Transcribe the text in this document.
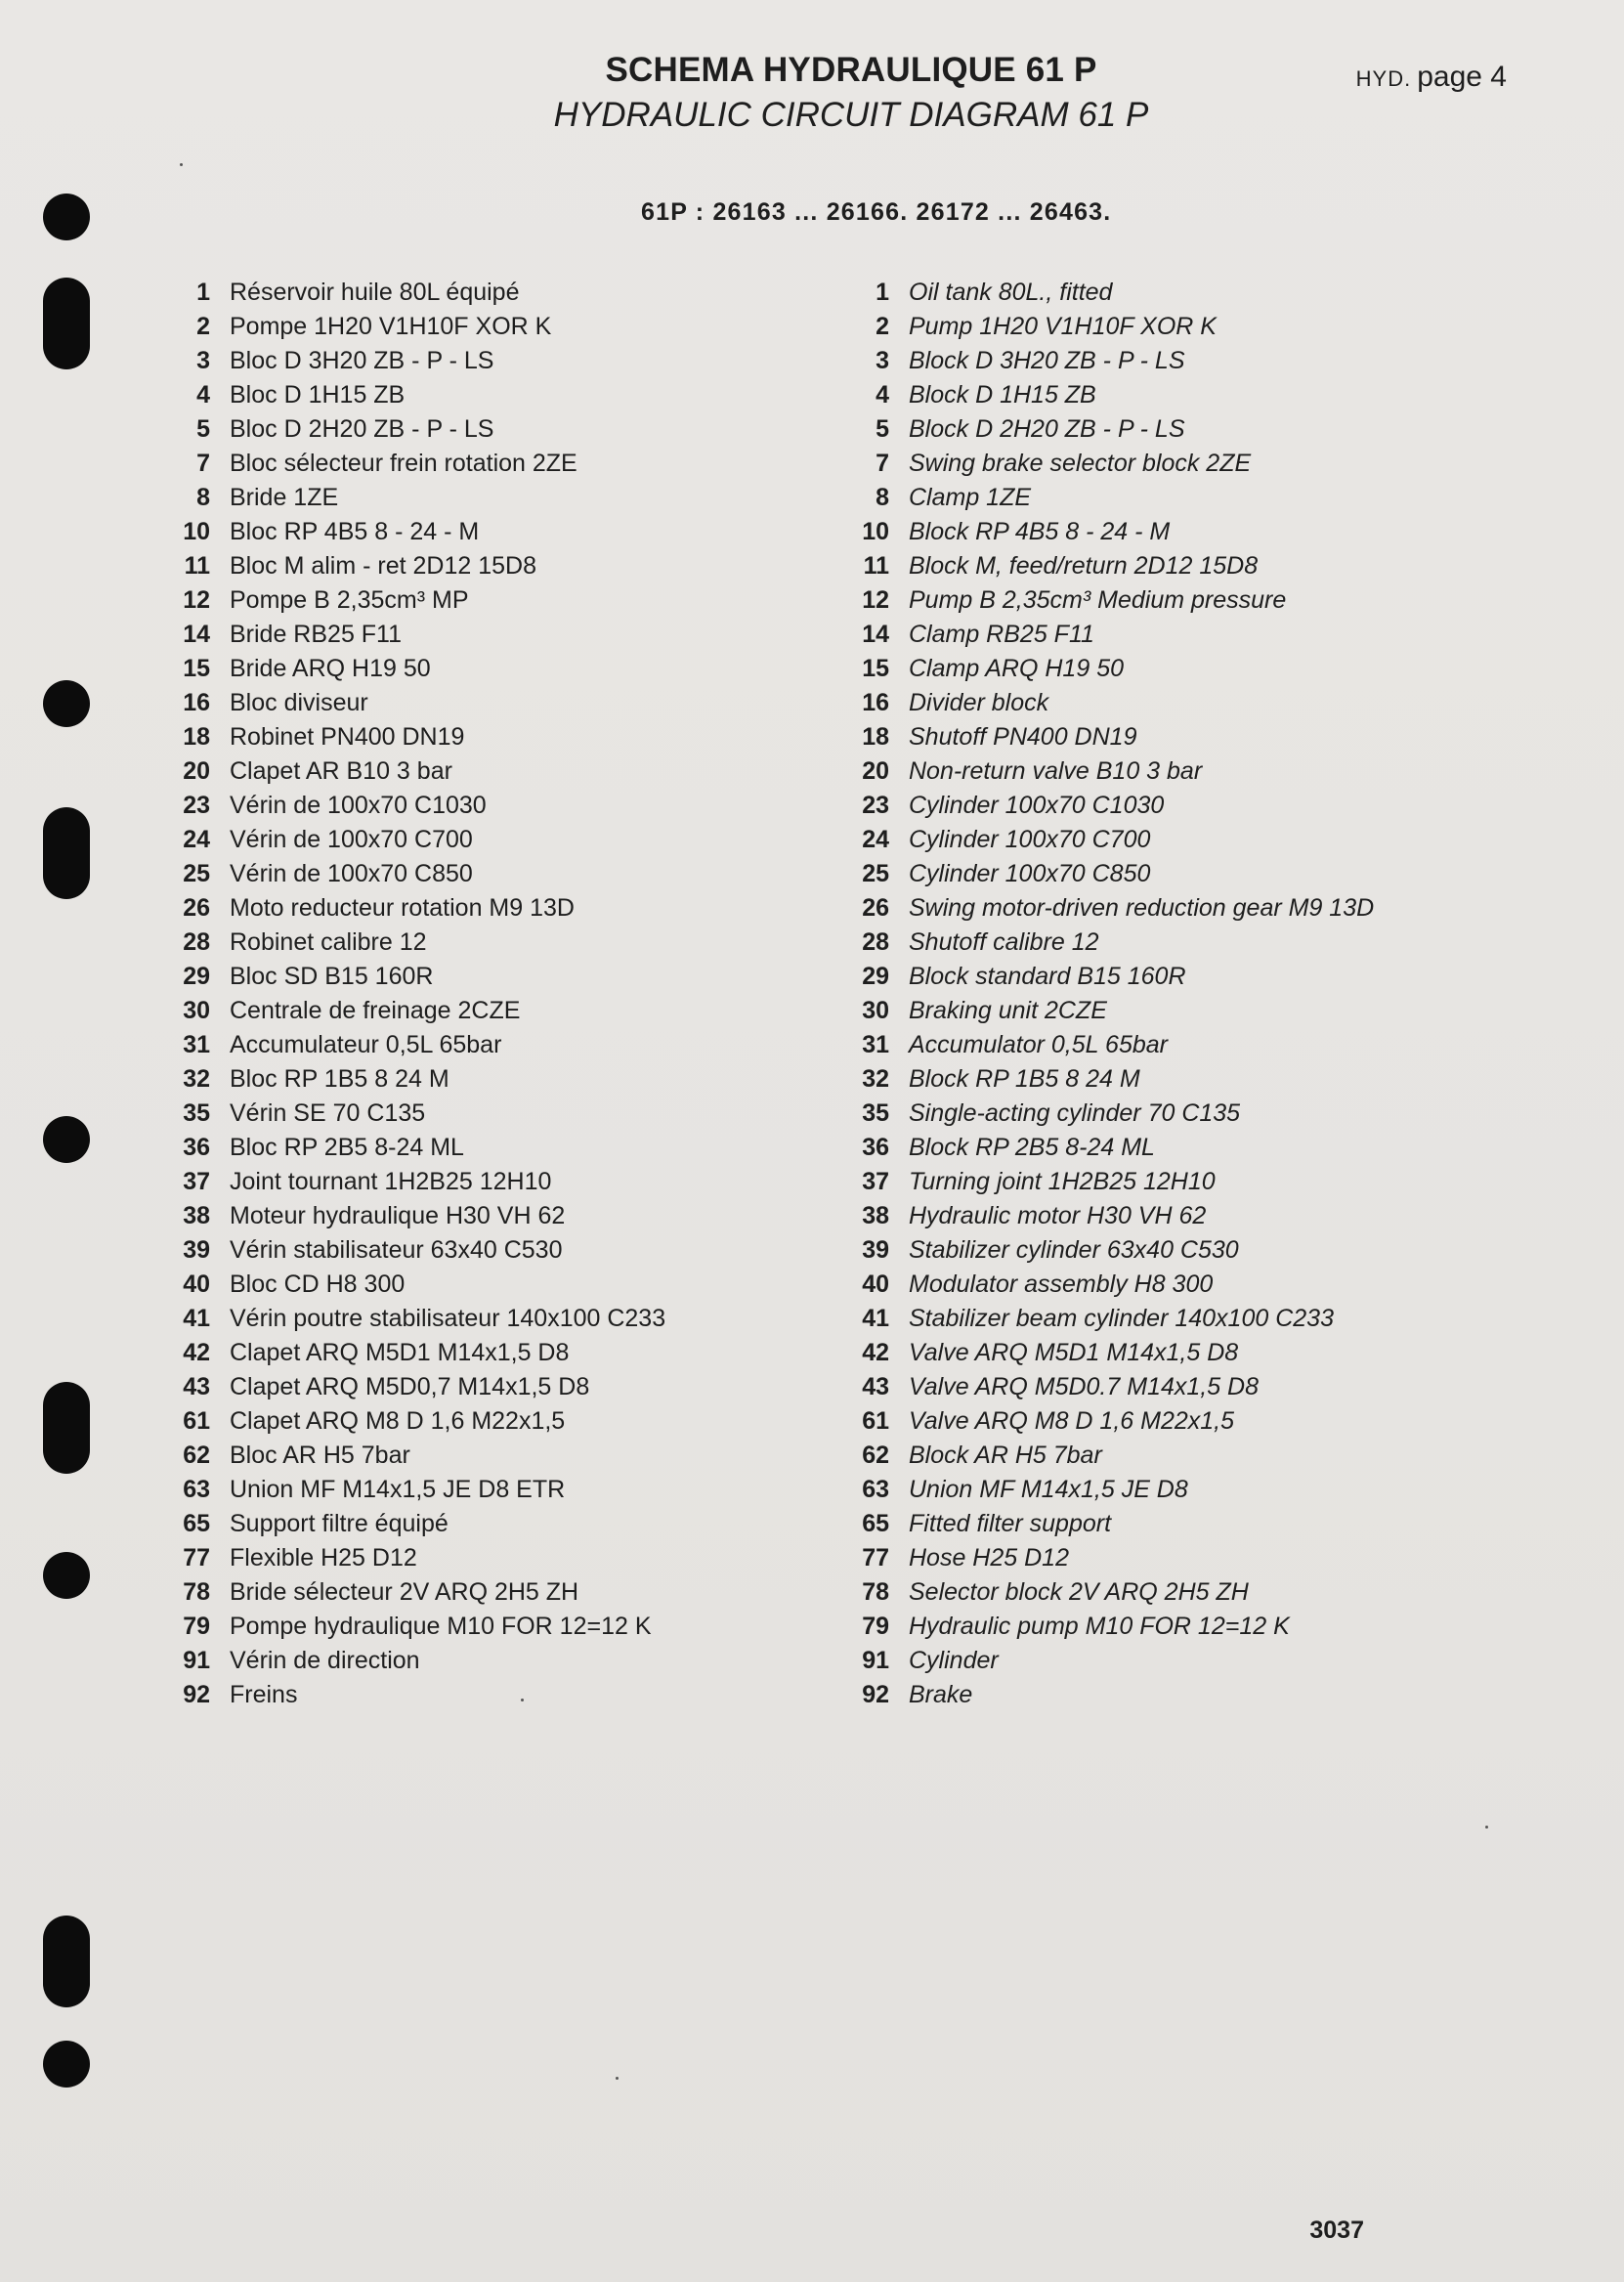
SCHEMA HYDRAULIQUE 61 P
HYDRAULIC CIRCUIT DIAGRAM 61 P
HYD. page 4
61P : 26163 ... 26166. 26172 ... 26463.
1 Réservoir huile 80L équipé
2 Pompe 1H20 V1H10F XOR K
3 Bloc D 3H20 ZB - P - LS
4 Bloc D 1H15 ZB
5 Bloc D 2H20 ZB - P - LS
7 Bloc sélecteur frein rotation 2ZE
8 Bride 1ZE
10 Bloc RP 4B5 8 - 24 - M
11 Bloc M alim - ret 2D12 15D8
12 Pompe B 2,35cm³ MP
14 Bride RB25 F11
15 Bride ARQ H19 50
16 Bloc diviseur
18 Robinet PN400 DN19
20 Clapet AR B10 3 bar
23 Vérin de 100x70 C1030
24 Vérin de 100x70 C700
25 Vérin de 100x70 C850
26 Moto reducteur rotation M9 13D
28 Robinet calibre 12
29 Bloc SD B15 160R
30 Centrale de freinage 2CZE
31 Accumulateur 0,5L 65bar
32 Bloc RP 1B5 8 24 M
35 Vérin SE 70 C135
36 Bloc RP 2B5 8-24 ML
37 Joint tournant 1H2B25 12H10
38 Moteur hydraulique H30 VH 62
39 Vérin stabilisateur 63x40 C530
40 Bloc CD H8 300
41 Vérin poutre stabilisateur 140x100 C233
42 Clapet ARQ M5D1 M14x1,5 D8
43 Clapet ARQ M5D0,7 M14x1,5 D8
61 Clapet ARQ M8 D 1,6 M22x1,5
62 Bloc AR H5 7bar
63 Union MF M14x1,5 JE D8 ETR
65 Support filtre équipé
77 Flexible H25 D12
78 Bride sélecteur 2V ARQ 2H5 ZH
79 Pompe hydraulique M10 FOR 12=12 K
91 Vérin de direction
92 Freins
1 Oil tank 80L., fitted
2 Pump 1H20 V1H10F XOR K
3 Block D 3H20 ZB - P - LS
4 Block D 1H15 ZB
5 Block D 2H20 ZB - P - LS
7 Swing brake selector block 2ZE
8 Clamp 1ZE
10 Block RP 4B5 8 - 24 - M
11 Block M, feed/return 2D12 15D8
12 Pump B 2,35cm³ Medium pressure
14 Clamp RB25 F11
15 Clamp ARQ H19 50
16 Divider block
18 Shutoff PN400 DN19
20 Non-return valve B10 3 bar
23 Cylinder 100x70 C1030
24 Cylinder 100x70 C700
25 Cylinder 100x70 C850
26 Swing motor-driven reduction gear M9 13D
28 Shutoff calibre 12
29 Block standard B15 160R
30 Braking unit 2CZE
31 Accumulator 0,5L 65bar
32 Block RP 1B5 8 24 M
35 Single-acting cylinder 70 C135
36 Block RP 2B5 8-24 ML
37 Turning joint 1H2B25 12H10
38 Hydraulic motor H30 VH 62
39 Stabilizer cylinder 63x40 C530
40 Modulator assembly H8 300
41 Stabilizer beam cylinder 140x100 C233
42 Valve ARQ M5D1 M14x1,5 D8
43 Valve ARQ M5D0.7 M14x1,5 D8
61 Valve ARQ M8 D 1,6 M22x1,5
62 Block AR H5 7bar
63 Union MF M14x1,5 JE D8
65 Fitted filter support
77 Hose H25 D12
78 Selector block 2V ARQ 2H5 ZH
79 Hydraulic pump M10 FOR 12=12 K
91 Cylinder
92 Brake
3037
